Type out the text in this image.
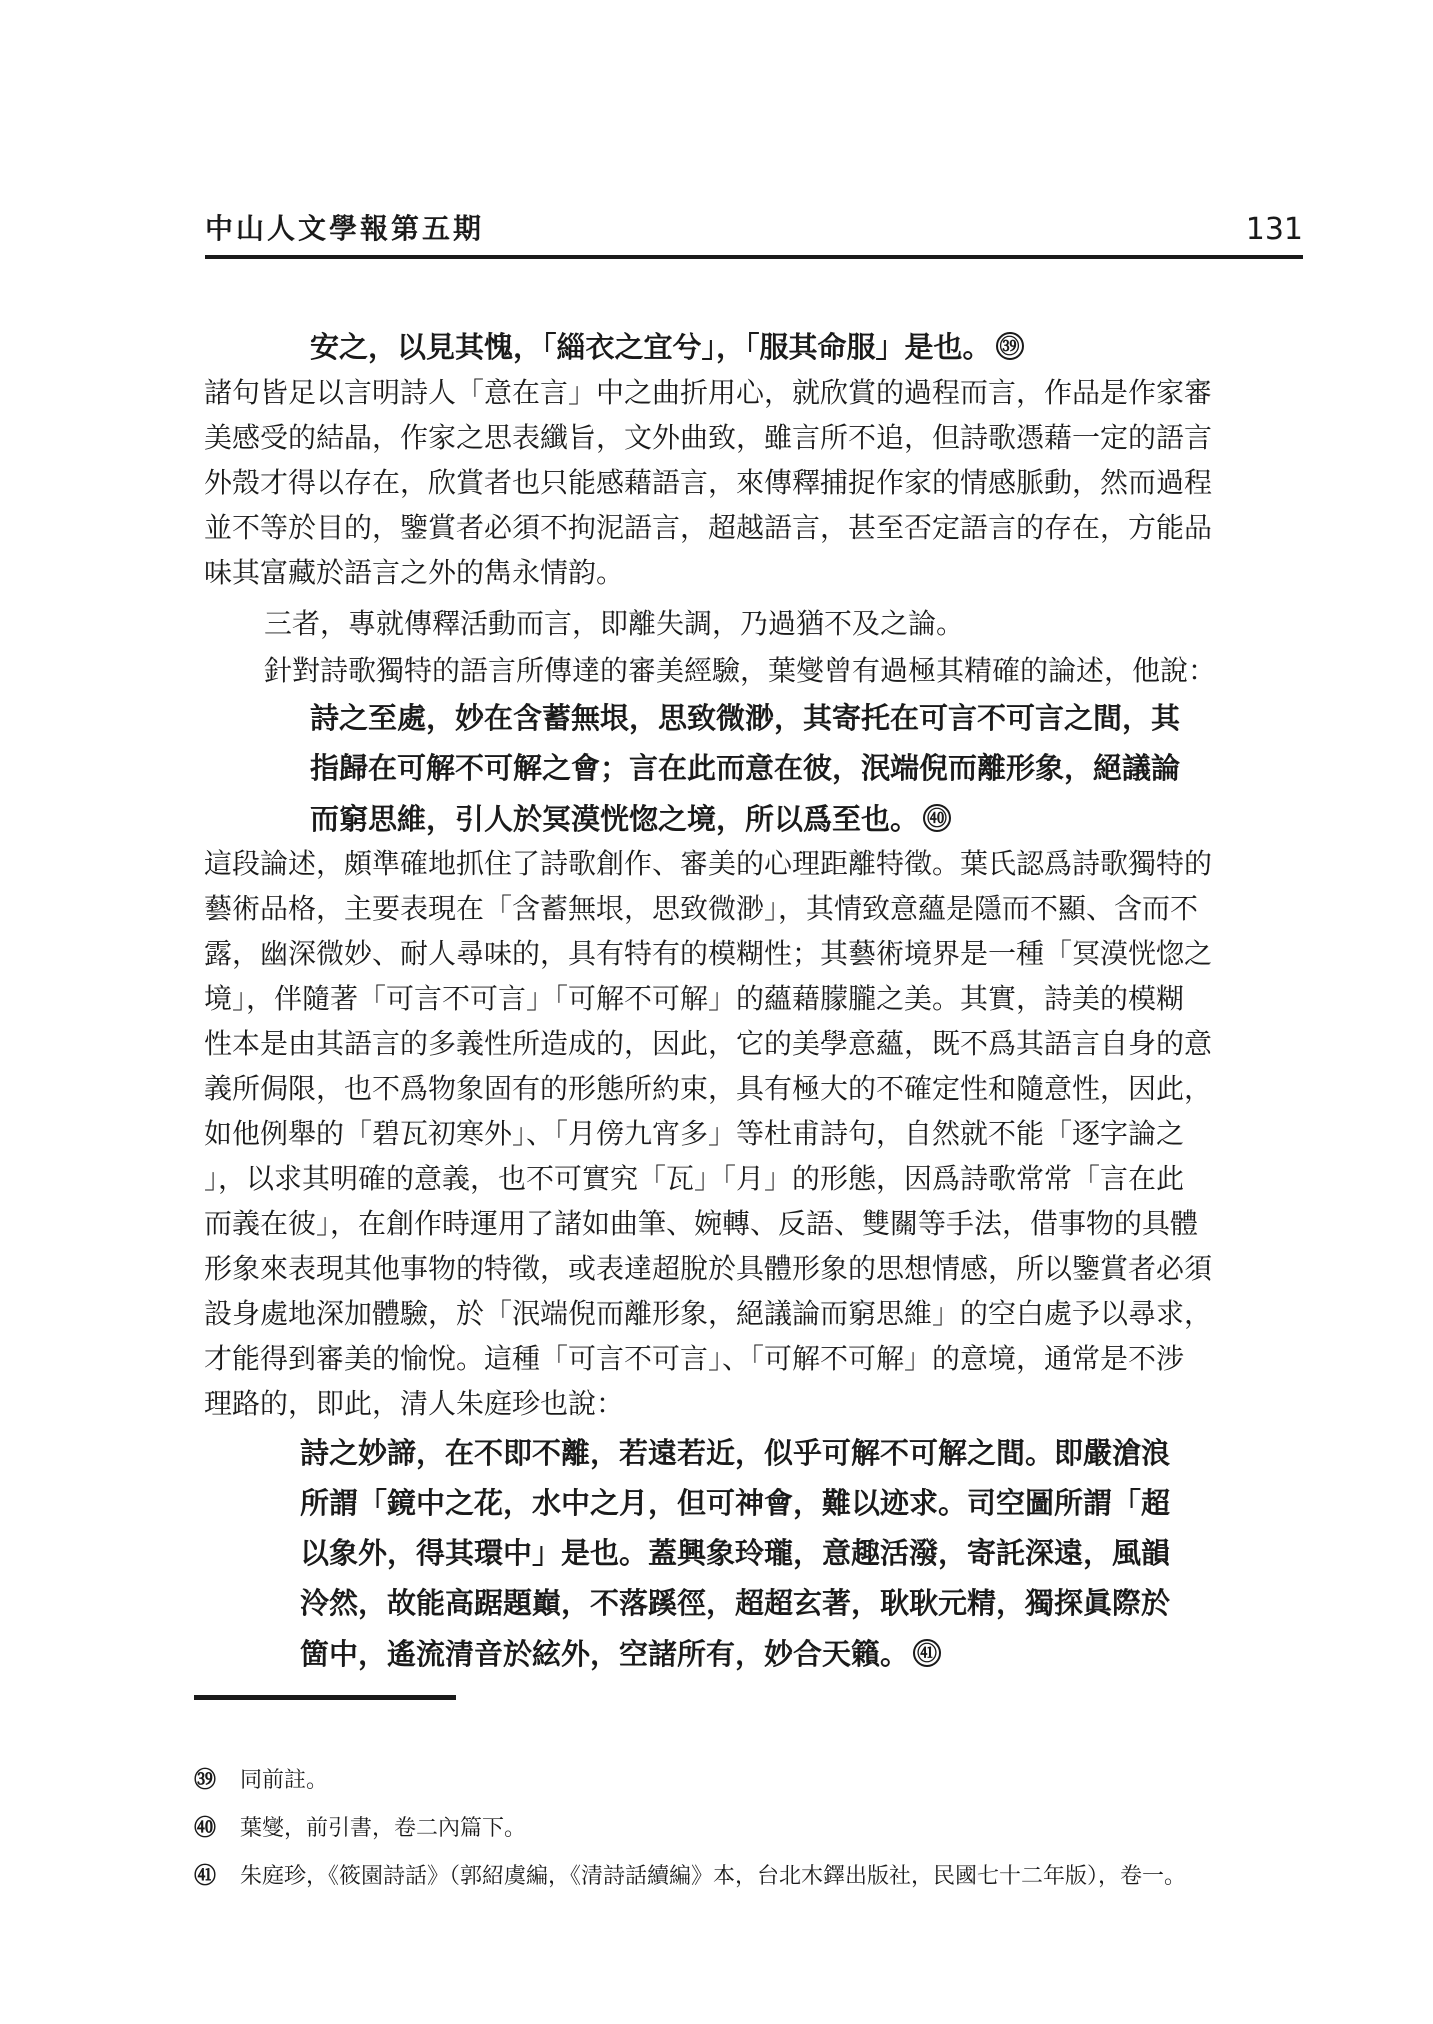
中山人文學報第五期	131
安之，以見其愧，「緇衣之宜兮」，「服其命服」是也。 $^㊴$
諸句皆足以言明詩人「意在言」中之曲折用心，就欣賞的過程而言，作品是作家審
美感受的結晶，作家之思表纖旨，文外曲致，雖言所不追，但詩歌憑藉一定的語言
外殼才得以存在，欣賞者也只能感藉語言，來傳釋捕捉作家的情感脈動，然而過程
並不等於目的，鑒賞者必須不拘泥語言，超越語言，甚至否定語言的存在，方能品
味其富藏於語言之外的雋永情韵。
三者，專就傳釋活動而言，即離失調，乃過猶不及之論。
針對詩歌獨特的語言所傳達的審美經驗，葉燮曾有過極其精確的論述，他說：
詩之至處，妙在含蓄無垠，思致微渺，其寄托在可言不可言之間，其
指歸在可解不可解之會；言在此而意在彼，泯端倪而離形象，絕議論
而窮思維，引人於冥漠恍惚之境，所以爲至也。 $^㊵$
這段論述，頗準確地抓住了詩歌創作、審美的心理距離特徵。葉氏認爲詩歌獨特的
藝術品格，主要表現在「含蓄無垠，思致微渺」，其情致意蘊是隱而不顯、含而不
露，幽深微妙、耐人尋味的，具有特有的模糊性；其藝術境界是一種「冥漠恍惚之
境」，伴隨著「可言不可言」「可解不可解」的蘊藉朦朧之美。其實，詩美的模糊
性本是由其語言的多義性所造成的，因此，它的美學意蘊，既不爲其語言自身的意
義所侷限，也不爲物象固有的形態所約束，具有極大的不確定性和隨意性，因此，
如他例舉的「碧瓦初寒外」、「月傍九宵多」等杜甫詩句，自然就不能「逐字論之
」，以求其明確的意義，也不可實究「瓦」「月」的形態，因爲詩歌常常「言在此
而義在彼」，在創作時運用了諸如曲筆、婉轉、反語、雙關等手法，借事物的具體
形象來表現其他事物的特徵，或表達超脫於具體形象的思想情感，所以鑒賞者必須
設身處地深加體驗，於「泯端倪而離形象，絕議論而窮思維」的空白處予以尋求，
才能得到審美的愉悅。這種「可言不可言」、「可解不可解」的意境，通常是不涉
理路的，即此，清人朱庭珍也說：
詩之妙諦，在不即不離，若遠若近，似乎可解不可解之間。即嚴滄浪
所謂「鏡中之花，水中之月，但可神會，難以迹求。司空圖所謂「超
以象外，得其環中」是也。蓋興象玲瓏，意趣活潑，寄託深遠，風韻
泠然，故能高踞題巔，不落蹊徑，超超玄著，耿耿元精，獨探眞際於
箇中，遙流清音於絃外，空諸所有，妙合天籟。 $^㊶$
㊴ 同前註。
㊵ 葉燮，前引書，卷二內篇下。
㊶ 朱庭珍，《筱園詩話》（郭紹虞編，《清詩話續編》本，台北木鐸出版社，民國七十二年版），卷一。
